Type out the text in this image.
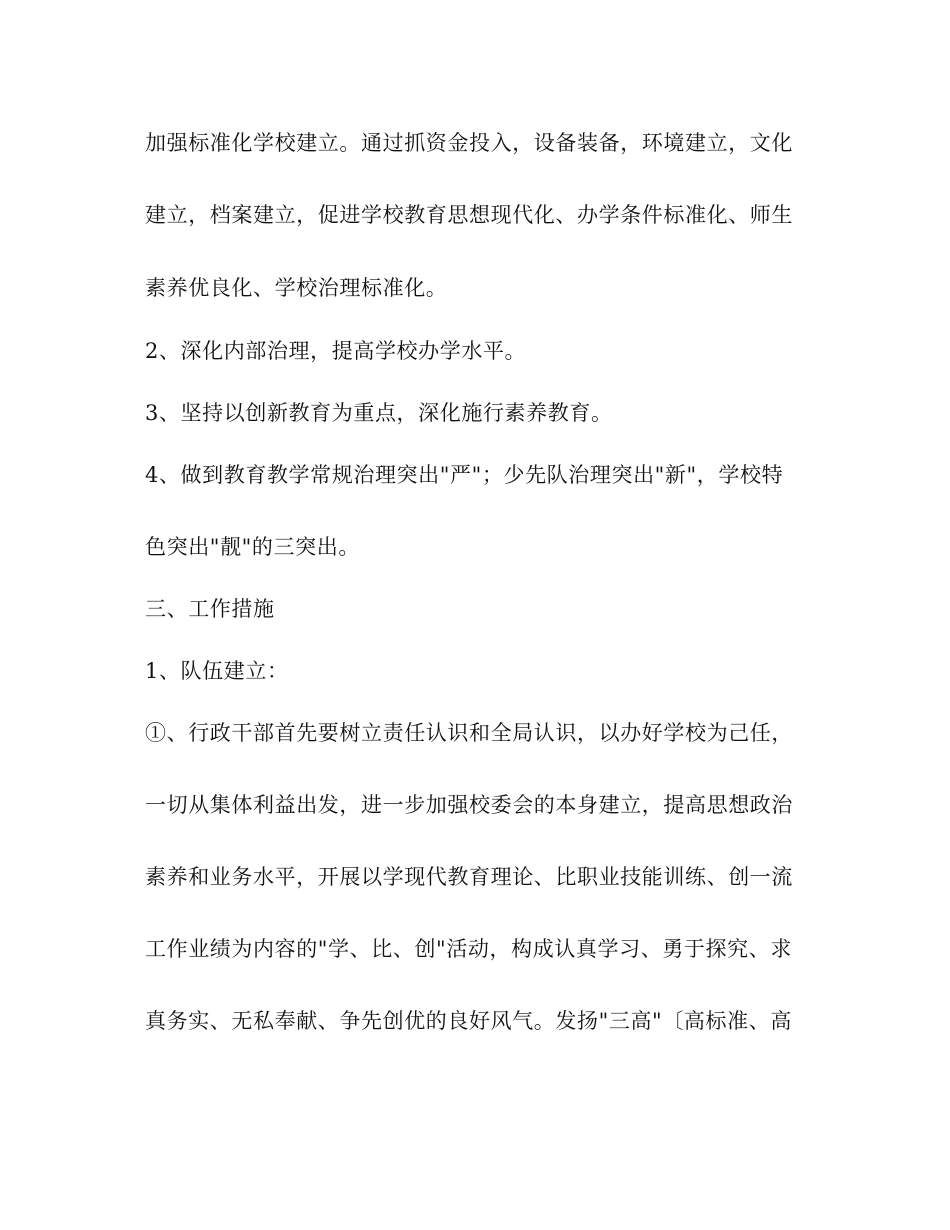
加强标准化学校建立。通过抓资金投入，设备装备，环境建立，文化
建立，档案建立，促进学校教育思想现代化、办学条件标准化、师生
素养优良化、学校治理标准化。
2、深化内部治理，提高学校办学水平。
3、坚持以创新教育为重点，深化施行素养教育。
4、做到教育教学常规治理突出"严"；少先队治理突出"新"，学校特
色突出"靓"的三突出。
三、工作措施
1、队伍建立：
①、行政干部首先要树立责任认识和全局认识，以办好学校为己任，
一切从集体利益出发，进一步加强校委会的本身建立，提高思想政治
素养和业务水平，开展以学现代教育理论、比职业技能训练、创一流
工作业绩为内容的"学、比、创"活动，构成认真学习、勇于探究、求
真务实、无私奉献、争先创优的良好风气。发扬"三高"〔高标准、高
